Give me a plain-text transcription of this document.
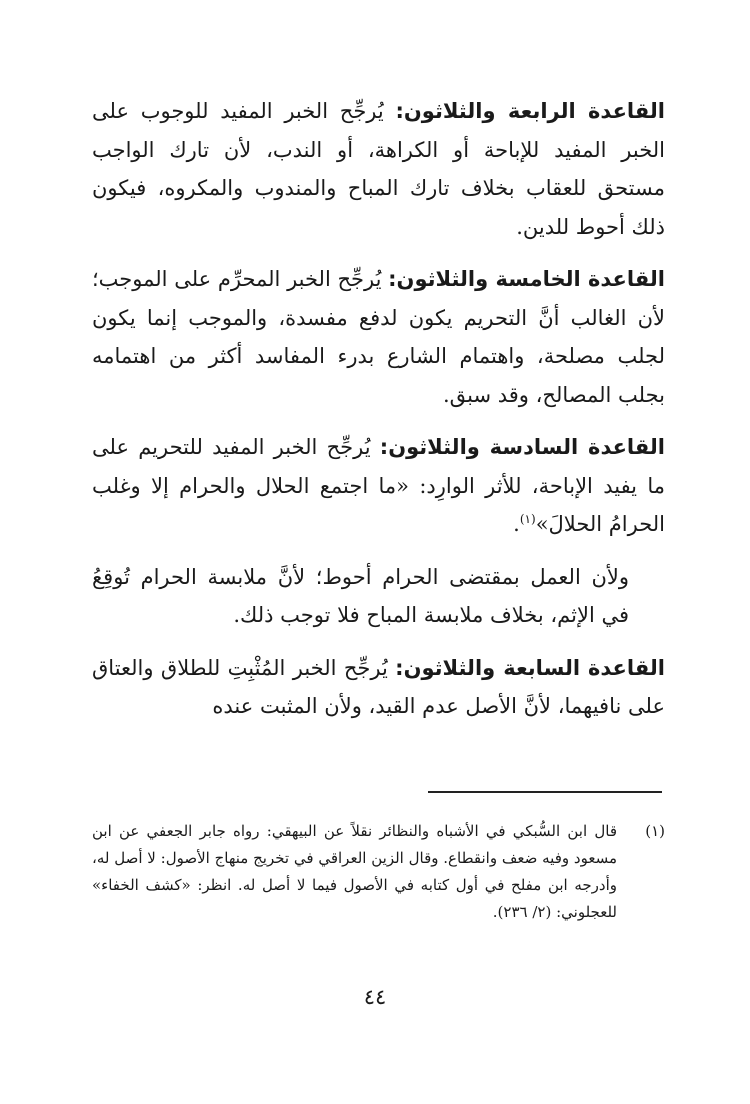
القاعدة الرابعة والثلاثون: يُرجِّح الخبر المفيد للوجوب على الخبر المفيد للإباحة أو الكراهة، أو الندب، لأن تارك الواجب مستحق للعقاب بخلاف تارك المباح والمندوب والمكروه، فيكون ذلك أحوط للدين.

القاعدة الخامسة والثلاثون: يُرجِّح الخبر المحرِّم على الموجب؛ لأن الغالب أنَّ التحريم يكون لدفع مفسدة، والموجب إنما يكون لجلب مصلحة، واهتمام الشارع بدرء المفاسد أكثر من اهتمامه بجلب المصالح، وقد سبق.

القاعدة السادسة والثلاثون: يُرجِّح الخبر المفيد للتحريم على ما يفيد الإباحة، للأثر الوارِد: «ما اجتمع الحلال والحرام إلا وغلب الحرامُ الحلالَ»$^{(١)}$.

ولأن العمل بمقتضى الحرام أحوط؛ لأنَّ ملابسة الحرام تُوقِعُ في الإثم، بخلاف ملابسة المباح فلا توجب ذلك.

القاعدة السابعة والثلاثون: يُرجِّح الخبر المُثْبِتِ للطلاق والعتاق على نافيهما، لأنَّ الأصل عدم القيد، ولأن المثبت عنده

(١)
قال ابن السُّبكي في الأشباه والنظائر نقلاً عن البيهقي: رواه جابر الجعفي عن ابن مسعود وفيه ضعف وانقطاع. وقال الزين العراقي في تخريج منهاج الأصول: لا أصل له، وأدرجه ابن مفلح في أول كتابه في الأصول فيما لا أصل له. انظر: «كشف الخفاء» للعجلوني: (٢/ ٢٣٦).
٤٤
